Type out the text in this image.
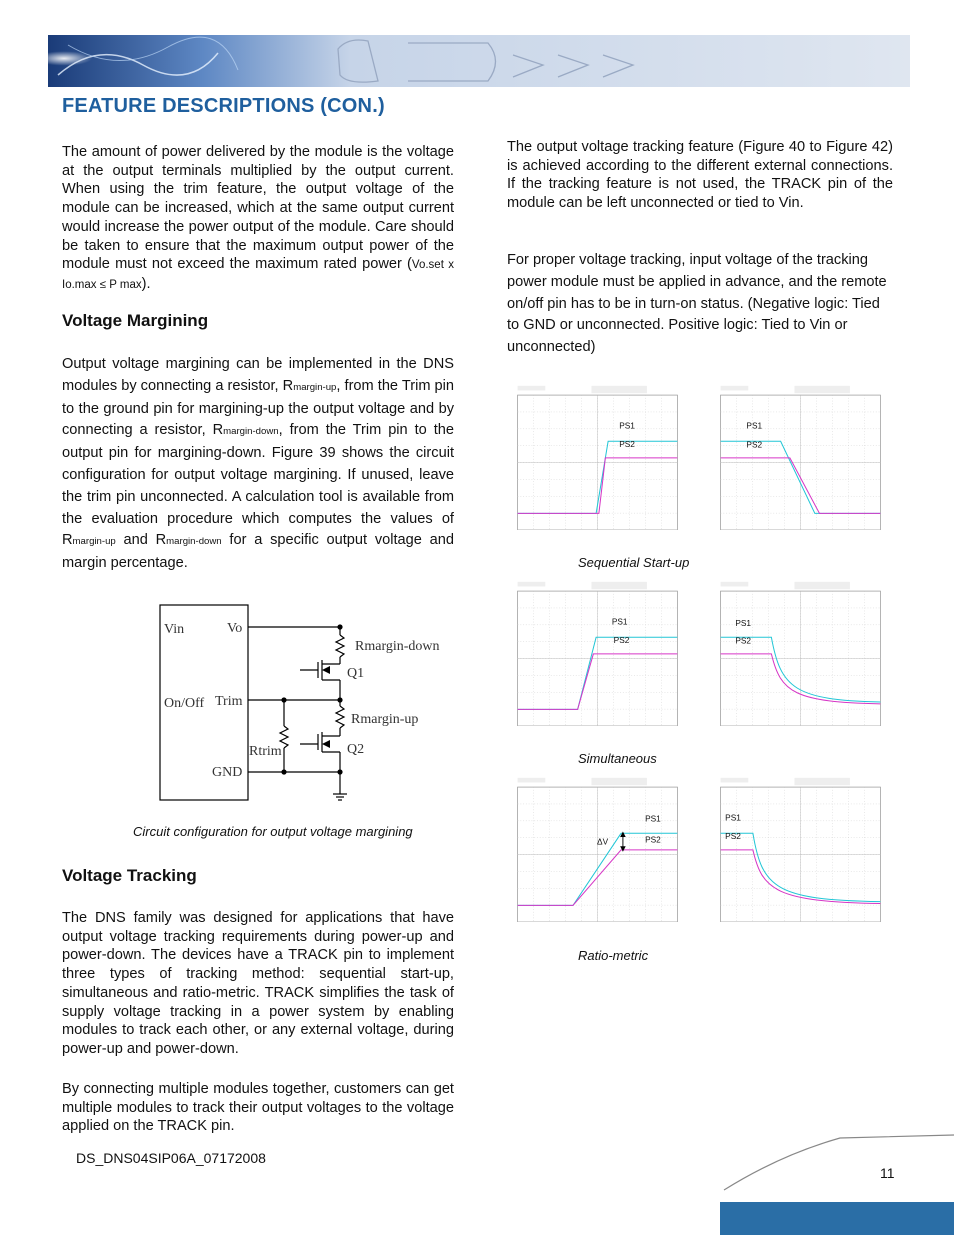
FEATURE DESCRIPTIONS (CON.)
The amount of power delivered by the module is the voltage at the output terminals multiplied by the output current. When using the trim feature, the output voltage of the module can be increased, which at the same output current would increase the power output of the module. Care should be taken to ensure that the maximum output power of the module must not exceed the maximum rated power (Vo.set x Io.max ≤ P max).
Voltage Margining
Output voltage margining can be implemented in the DNS modules by connecting a resistor, Rmargin-up, from the Trim pin to the ground pin for margining-up the output voltage and by connecting a resistor, Rmargin-down, from the Trim pin to the output pin for margining-down. Figure 39 shows the circuit configuration for output voltage margining. If unused, leave the trim pin unconnected. A calculation tool is available from the evaluation procedure which computes the values of Rmargin-up and Rmargin-down for a specific output voltage and margin percentage.
Vin	Vo
On/Off Trim
GND
Rmargin-down
Q1
Rmargin-up
Q2
Rtrim
Circuit configuration for output voltage margining
Voltage Tracking
The DNS family was designed for applications that have output voltage tracking requirements during power-up and power-down. The devices have a TRACK pin to implement three types of tracking method: sequential start-up, simultaneous and ratio-metric. TRACK simplifies the task of supply voltage tracking in a power system by enabling modules to track each other, or any external voltage, during power-up and power-down.
By connecting multiple modules together, customers can get multiple modules to track their output voltages to the voltage applied on the TRACK pin.
The output voltage tracking feature (Figure 40 to Figure 42) is achieved according to the different external connections. If the tracking feature is not used, the TRACK pin of the module can be left unconnected or tied to Vin.
For proper voltage tracking, input voltage of the tracking power module must be applied in advance, and the remote on/off pin has to be in turn-on status. (Negative logic: Tied to GND or unconnected. Positive logic: Tied to Vin or unconnected)
PS1
PS2
PS1
PS2
PS1
PS2
PS1
PS2
PS1
PS2
ΔV
PS1
PS2
Sequential Start-up
Simultaneous
Ratio-metric
DS_DNS04SIP06A_07172008
11
